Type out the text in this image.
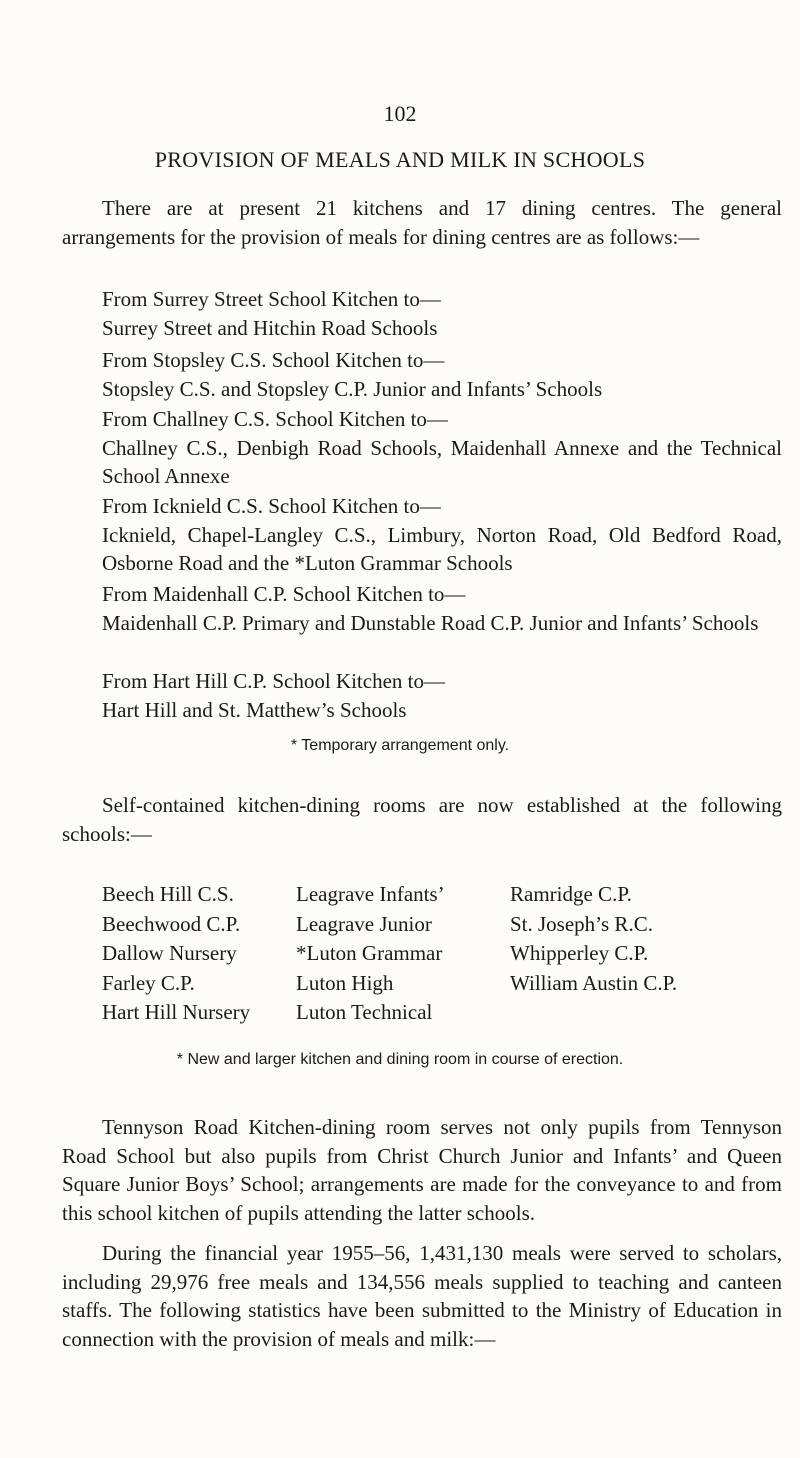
102
PROVISION OF MEALS AND MILK IN SCHOOLS

There are at present 21 kitchens and 17 dining centres. The general arrangements for the provision of meals for dining centres are as follows:—

From Surrey Street School Kitchen to—
Surrey Street and Hitchin Road Schools
From Stopsley C.S. School Kitchen to—
Stopsley C.S. and Stopsley C.P. Junior and Infants’ Schools
From Challney C.S. School Kitchen to—
Challney C.S., Denbigh Road Schools, Maidenhall Annexe and the Technical School Annexe
From Icknield C.S. School Kitchen to—
Icknield, Chapel-Langley C.S., Limbury, Norton Road, Old Bedford Road, Osborne Road and the *Luton Grammar Schools
From Maidenhall C.P. School Kitchen to—
Maidenhall C.P. Primary and Dunstable Road C.P. Junior and Infants’ Schools
From Hart Hill C.P. School Kitchen to—
Hart Hill and St. Matthew’s Schools
* Temporary arrangement only.

Self-contained kitchen-dining rooms are now established at the following schools:—

Beech Hill C.S.
Beechwood C.P.
Dallow Nursery
Farley C.P.
Hart Hill Nursery
Leagrave Infants’
Leagrave Junior
*Luton Grammar
Luton High
Luton Technical
Ramridge C.P.
St. Joseph’s R.C.
Whipperley C.P.
William Austin C.P.
* New and larger kitchen and dining room in course of erection.

Tennyson Road Kitchen-dining room serves not only pupils from Tennyson Road School but also pupils from Christ Church Junior and Infants’ and Queen Square Junior Boys’ School; arrangements are made for the conveyance to and from this school kitchen of pupils attending the latter schools.

During the financial year 1955–56, 1,431,130 meals were served to scholars, including 29,976 free meals and 134,556 meals supplied to teaching and canteen staffs. The following statistics have been submitted to the Ministry of Education in connection with the provision of meals and milk:—
